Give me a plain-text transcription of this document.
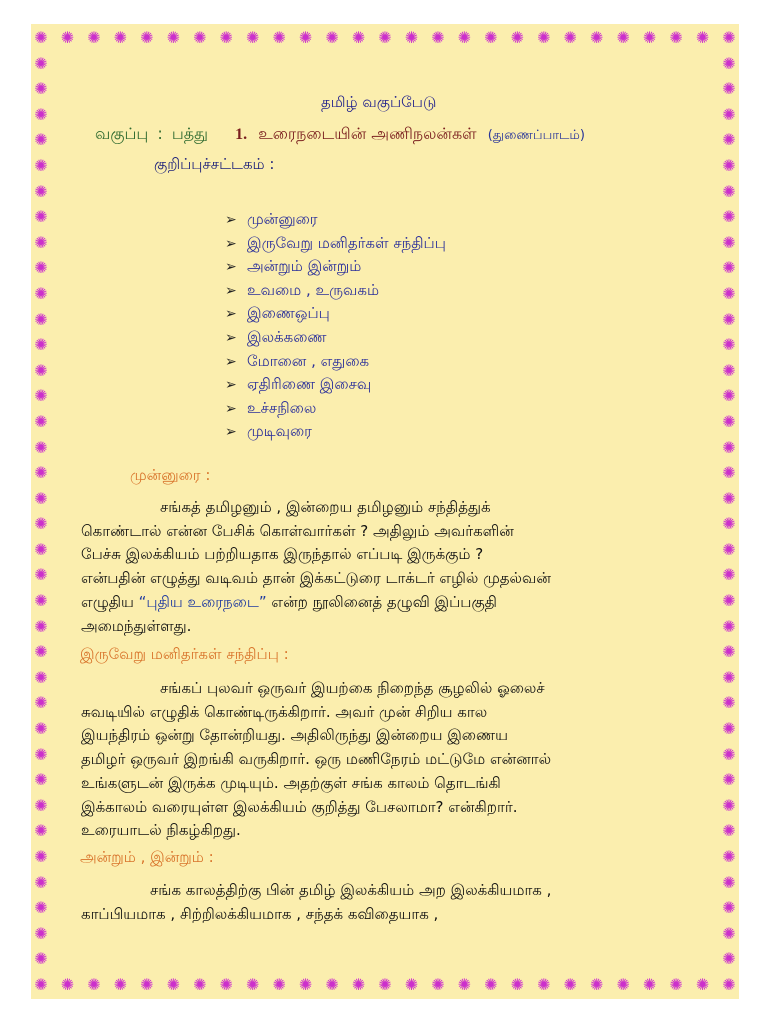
✺
✺
✺
✺
✺
✺
✺
✺
✺
✺
✺
✺
✺
✺
✺
✺
✺
✺
✺
✺
✺
✺
✺
✺
✺
✺
✺
✺
✺
✺
✺
✺
✺
✺
✺
✺
✺
✺
✺
✺
✺
✺
✺
✺
✺
✺
✺
✺
✺
✺
✺
✺
✺
✺
✺
✺
✺
✺
✺
✺
✺
✺
✺
✺
✺
✺
✺
✺
✺
✺
✺
✺
✺
✺
✺
✺
✺
✺
✺
✺
✺
✺
✺
✺
✺
✺
✺
✺
✺
✺
✺
✺
✺
✺
✺
✺
✺
✺
✺
✺
✺
✺
✺
✺
✺
✺
✺
✺
✺
✺
✺
✺
✺
✺
✺
✺
✺
✺
✺
✺
✺
✺
✺
✺
✺
✺
தமிழ் வகுப்பேடு
வகுப்பு : பத்து 1. உரைநடையின் அணிநலன்கள் (துணைப்பாடம்)
குறிப்புச்சட்டகம் :
➢ முன்னுரை
➢ இருவேறு மனிதர்கள் சந்திப்பு
➢ அன்றும் இன்றும்
➢ உவமை , உருவகம்
➢ இணைஒப்பு
➢ இலக்கணை
➢ மோனை , எதுகை
➢ ஏதிரிணை இசைவு
➢ உச்சநிலை
➢ முடிவுரை
முன்னுரை :

சங்கத் தமிழனும் , இன்றைய தமிழனும் சந்தித்துக்

கொண்டால் என்ன பேசிக் கொள்வார்கள் ? அதிலும் அவர்களின்

பேச்சு இலக்கியம் பற்றியதாக இருந்தால் எப்படி இருக்கும் ?

என்பதின் எழுத்து வடிவம் தான் இக்கட்டுரை டாக்டர் எழில் முதல்வன்

எழுதிய “புதிய உரைநடை” என்ற நூலினைத் தழுவி இப்பகுதி

அமைந்துள்ளது.

இருவேறு மனிதர்கள் சந்திப்பு :

சங்கப் புலவர் ஒருவர் இயற்கை நிறைந்த சூழலில் ஓலைச்

சுவடியில் எழுதிக் கொண்டிருக்கிறார். அவர் முன் சிறிய கால

இயந்திரம் ஒன்று தோன்றியது. அதிலிருந்து இன்றைய இணைய

தமிழர் ஒருவர் இறங்கி வருகிறார். ஒரு மணிநேரம் மட்டுமே என்னால்

உங்களுடன் இருக்க முடியும். அதற்குள் சங்க காலம் தொடங்கி

இக்காலம் வரையுள்ள இலக்கியம் குறித்து பேசலாமா? என்கிறார்.

உரையாடல் நிகழ்கிறது.

அன்றும் , இன்றும் :

சங்க காலத்திற்கு பின் தமிழ் இலக்கியம் அற இலக்கியமாக ,

காப்பியமாக , சிற்றிலக்கியமாக , சந்தக் கவிதையாக ,
